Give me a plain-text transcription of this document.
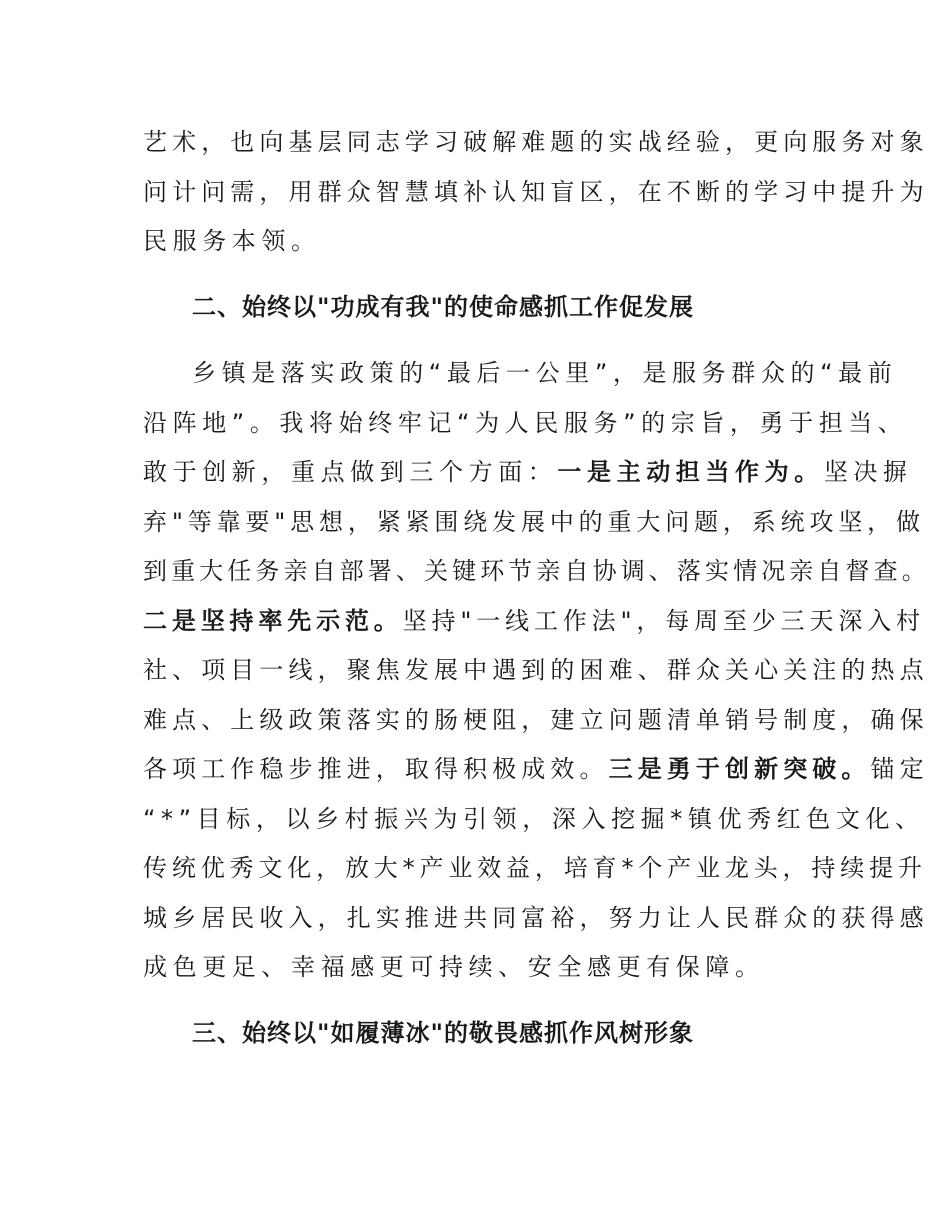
艺术，也向基层同志学习破解难题的实战经验，更向服务对象
问计问需，用群众智慧填补认知盲区，在不断的学习中提升为
民服务本领。
二、始终以"功成有我"的使命感抓工作促发展
乡镇是落实政策的“最后一公里”，是服务群众的“最前
沿阵地”。我将始终牢记“为人民服务”的宗旨，勇于担当、
敢于创新，重点做到三个方面：一是主动担当作为。坚决摒
弃"等靠要"思想，紧紧围绕发展中的重大问题，系统攻坚，做
到重大任务亲自部署、关键环节亲自协调、落实情况亲自督查。
二是坚持率先示范。坚持"一线工作法"，每周至少三天深入村
社、项目一线，聚焦发展中遇到的困难、群众关心关注的热点
难点、上级政策落实的肠梗阻，建立问题清单销号制度，确保
各项工作稳步推进，取得积极成效。三是勇于创新突破。锚定
“*”目标，以乡村振兴为引领，深入挖掘*镇优秀红色文化、
传统优秀文化，放大*产业效益，培育*个产业龙头，持续提升
城乡居民收入，扎实推进共同富裕，努力让人民群众的获得感
成色更足、幸福感更可持续、安全感更有保障。
三、始终以"如履薄冰"的敬畏感抓作风树形象
